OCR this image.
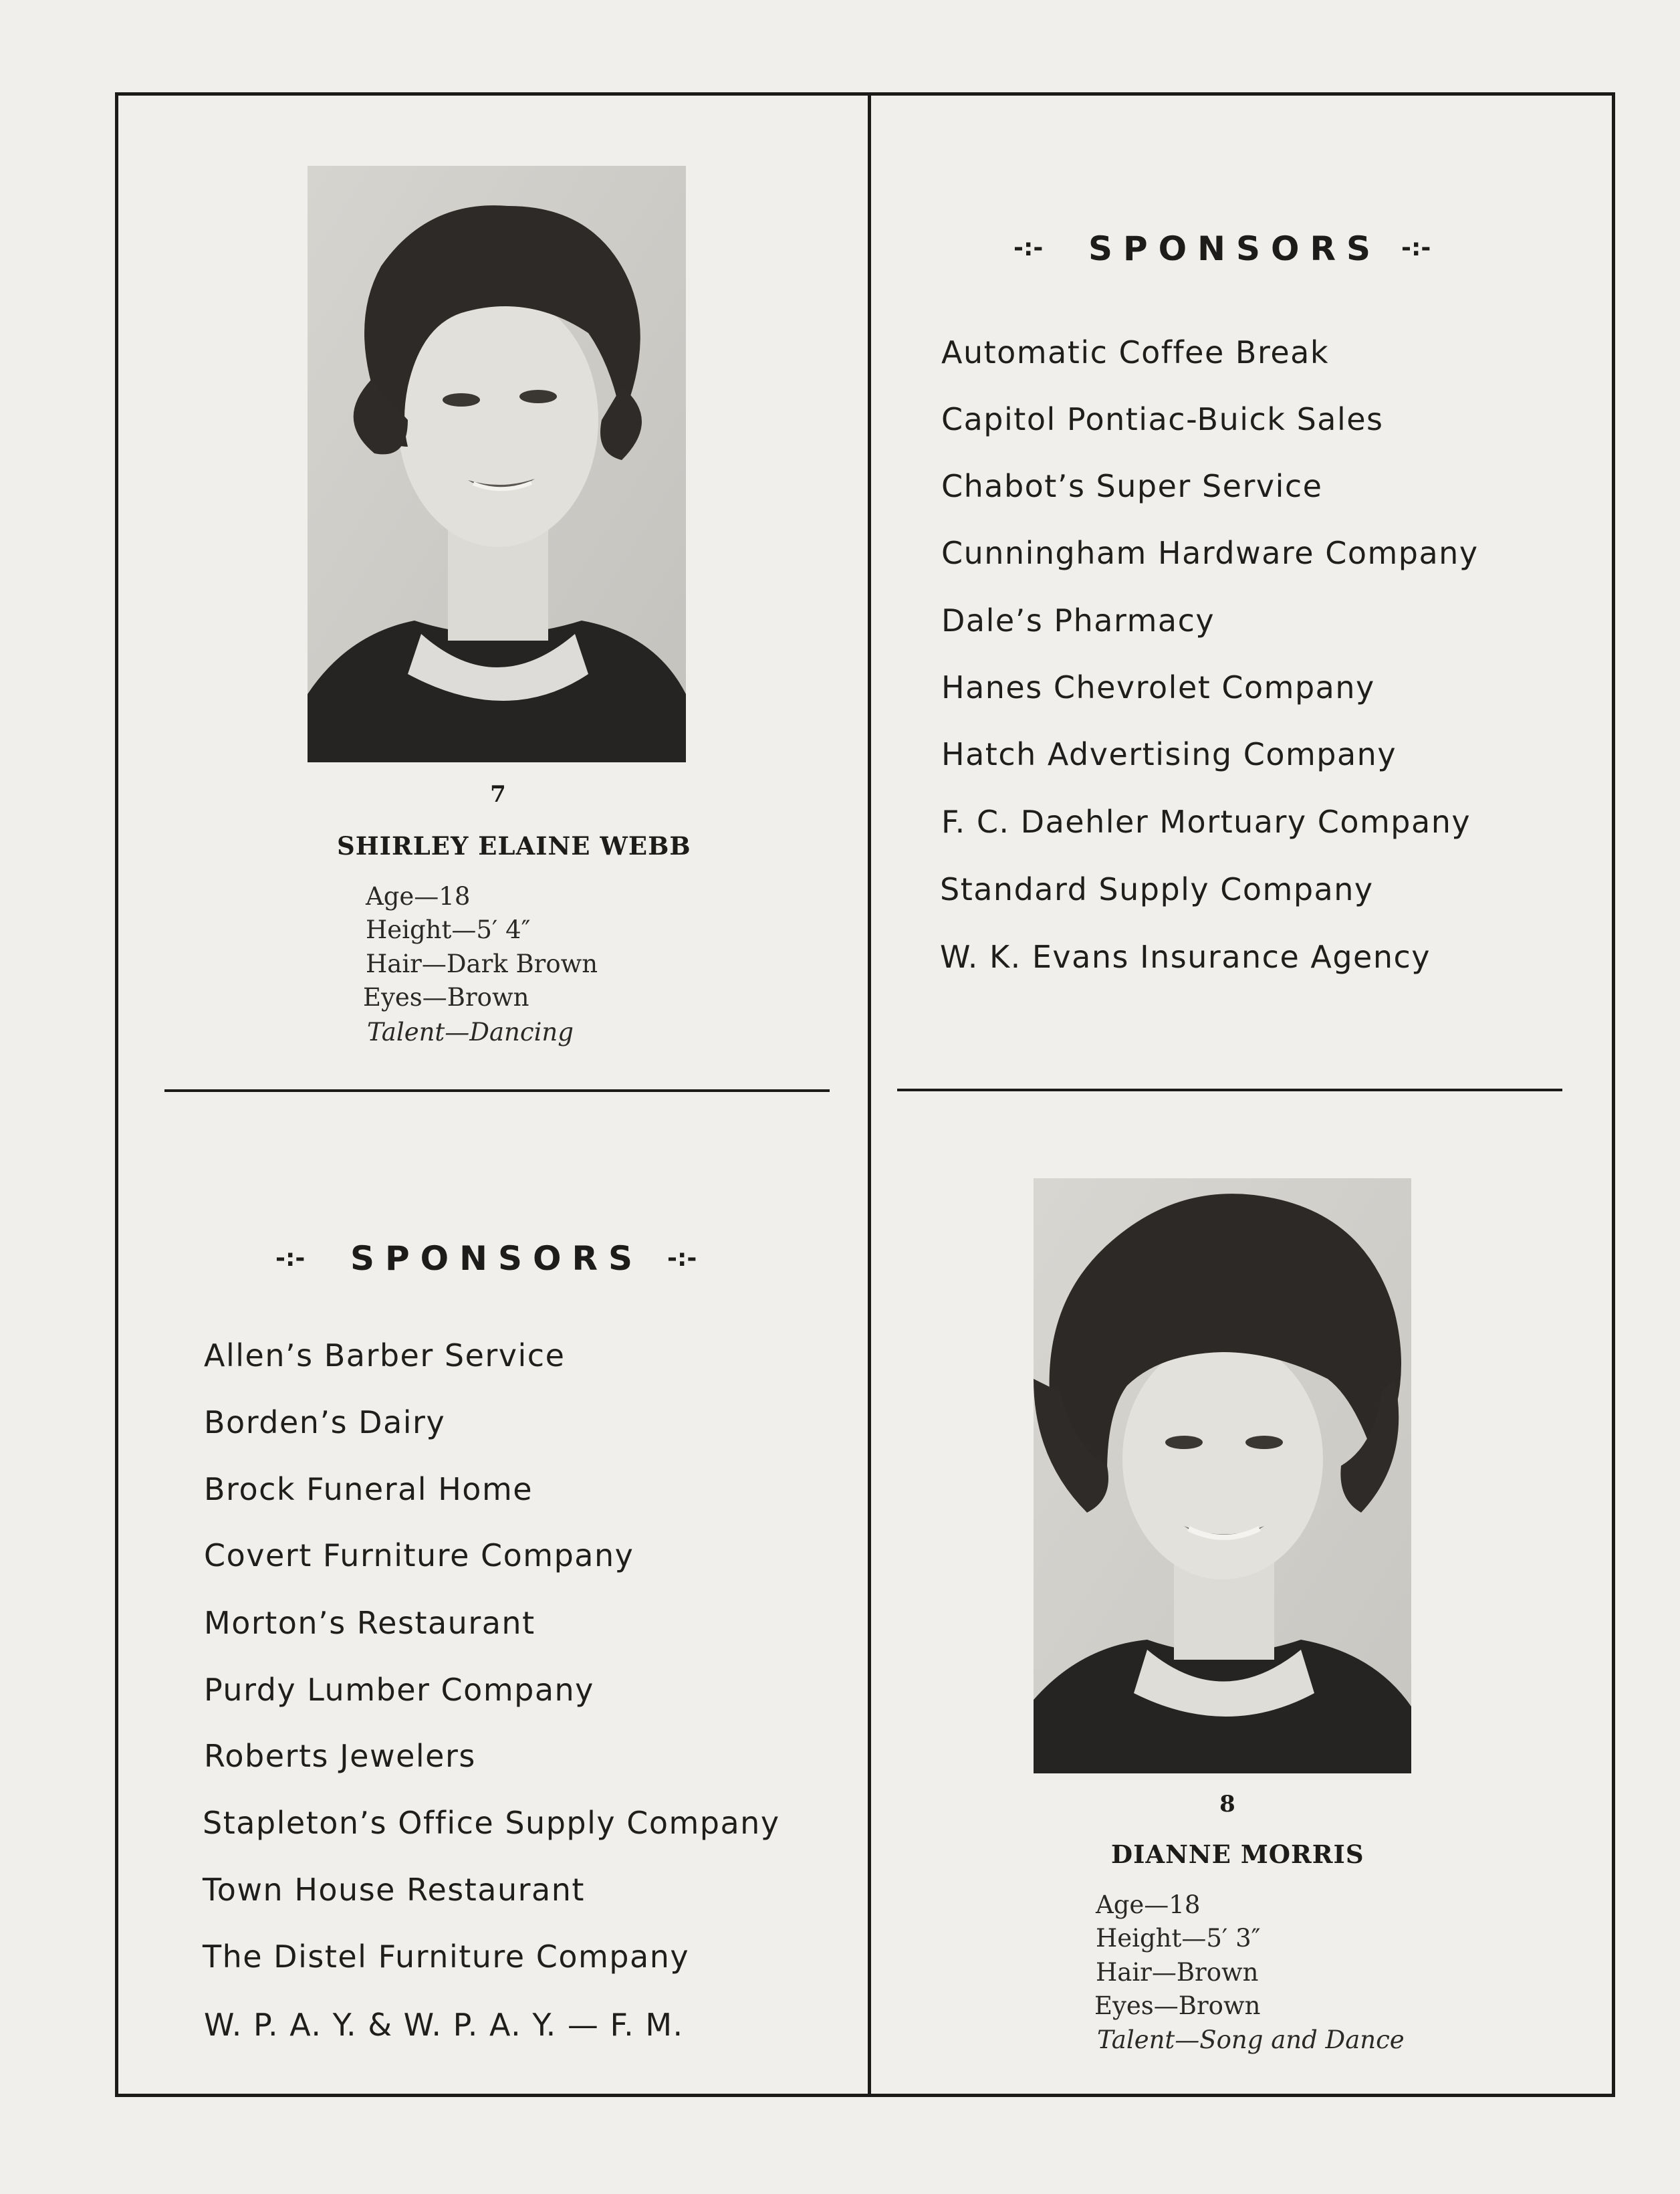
7
SHIRLEY ELAINE WEBB
Age—18
Height—5′ 4″
Hair—Dark Brown
Eyes—Brown
Talent—Dancing
8
DIANNE MORRIS
Age—18
Height—5′ 3″
Hair—Brown
Eyes—Brown
Talent—Song and Dance
-:- SPONSORS -:-
Automatic Coffee Break
Capitol Pontiac-Buick Sales
Chabot’s Super Service
Cunningham Hardware Company
Dale’s Pharmacy
Hanes Chevrolet Company
Hatch Advertising Company
F. C. Daehler Mortuary Company
Standard Supply Company
W. K. Evans Insurance Agency
-:- SPONSORS -:-
Allen’s Barber Service
Borden’s Dairy
Brock Funeral Home
Covert Furniture Company
Morton’s Restaurant
Purdy Lumber Company
Roberts Jewelers
Stapleton’s Office Supply Company
Town House Restaurant
The Distel Furniture Company
W. P. A. Y. & W. P. A. Y. — F. M.
